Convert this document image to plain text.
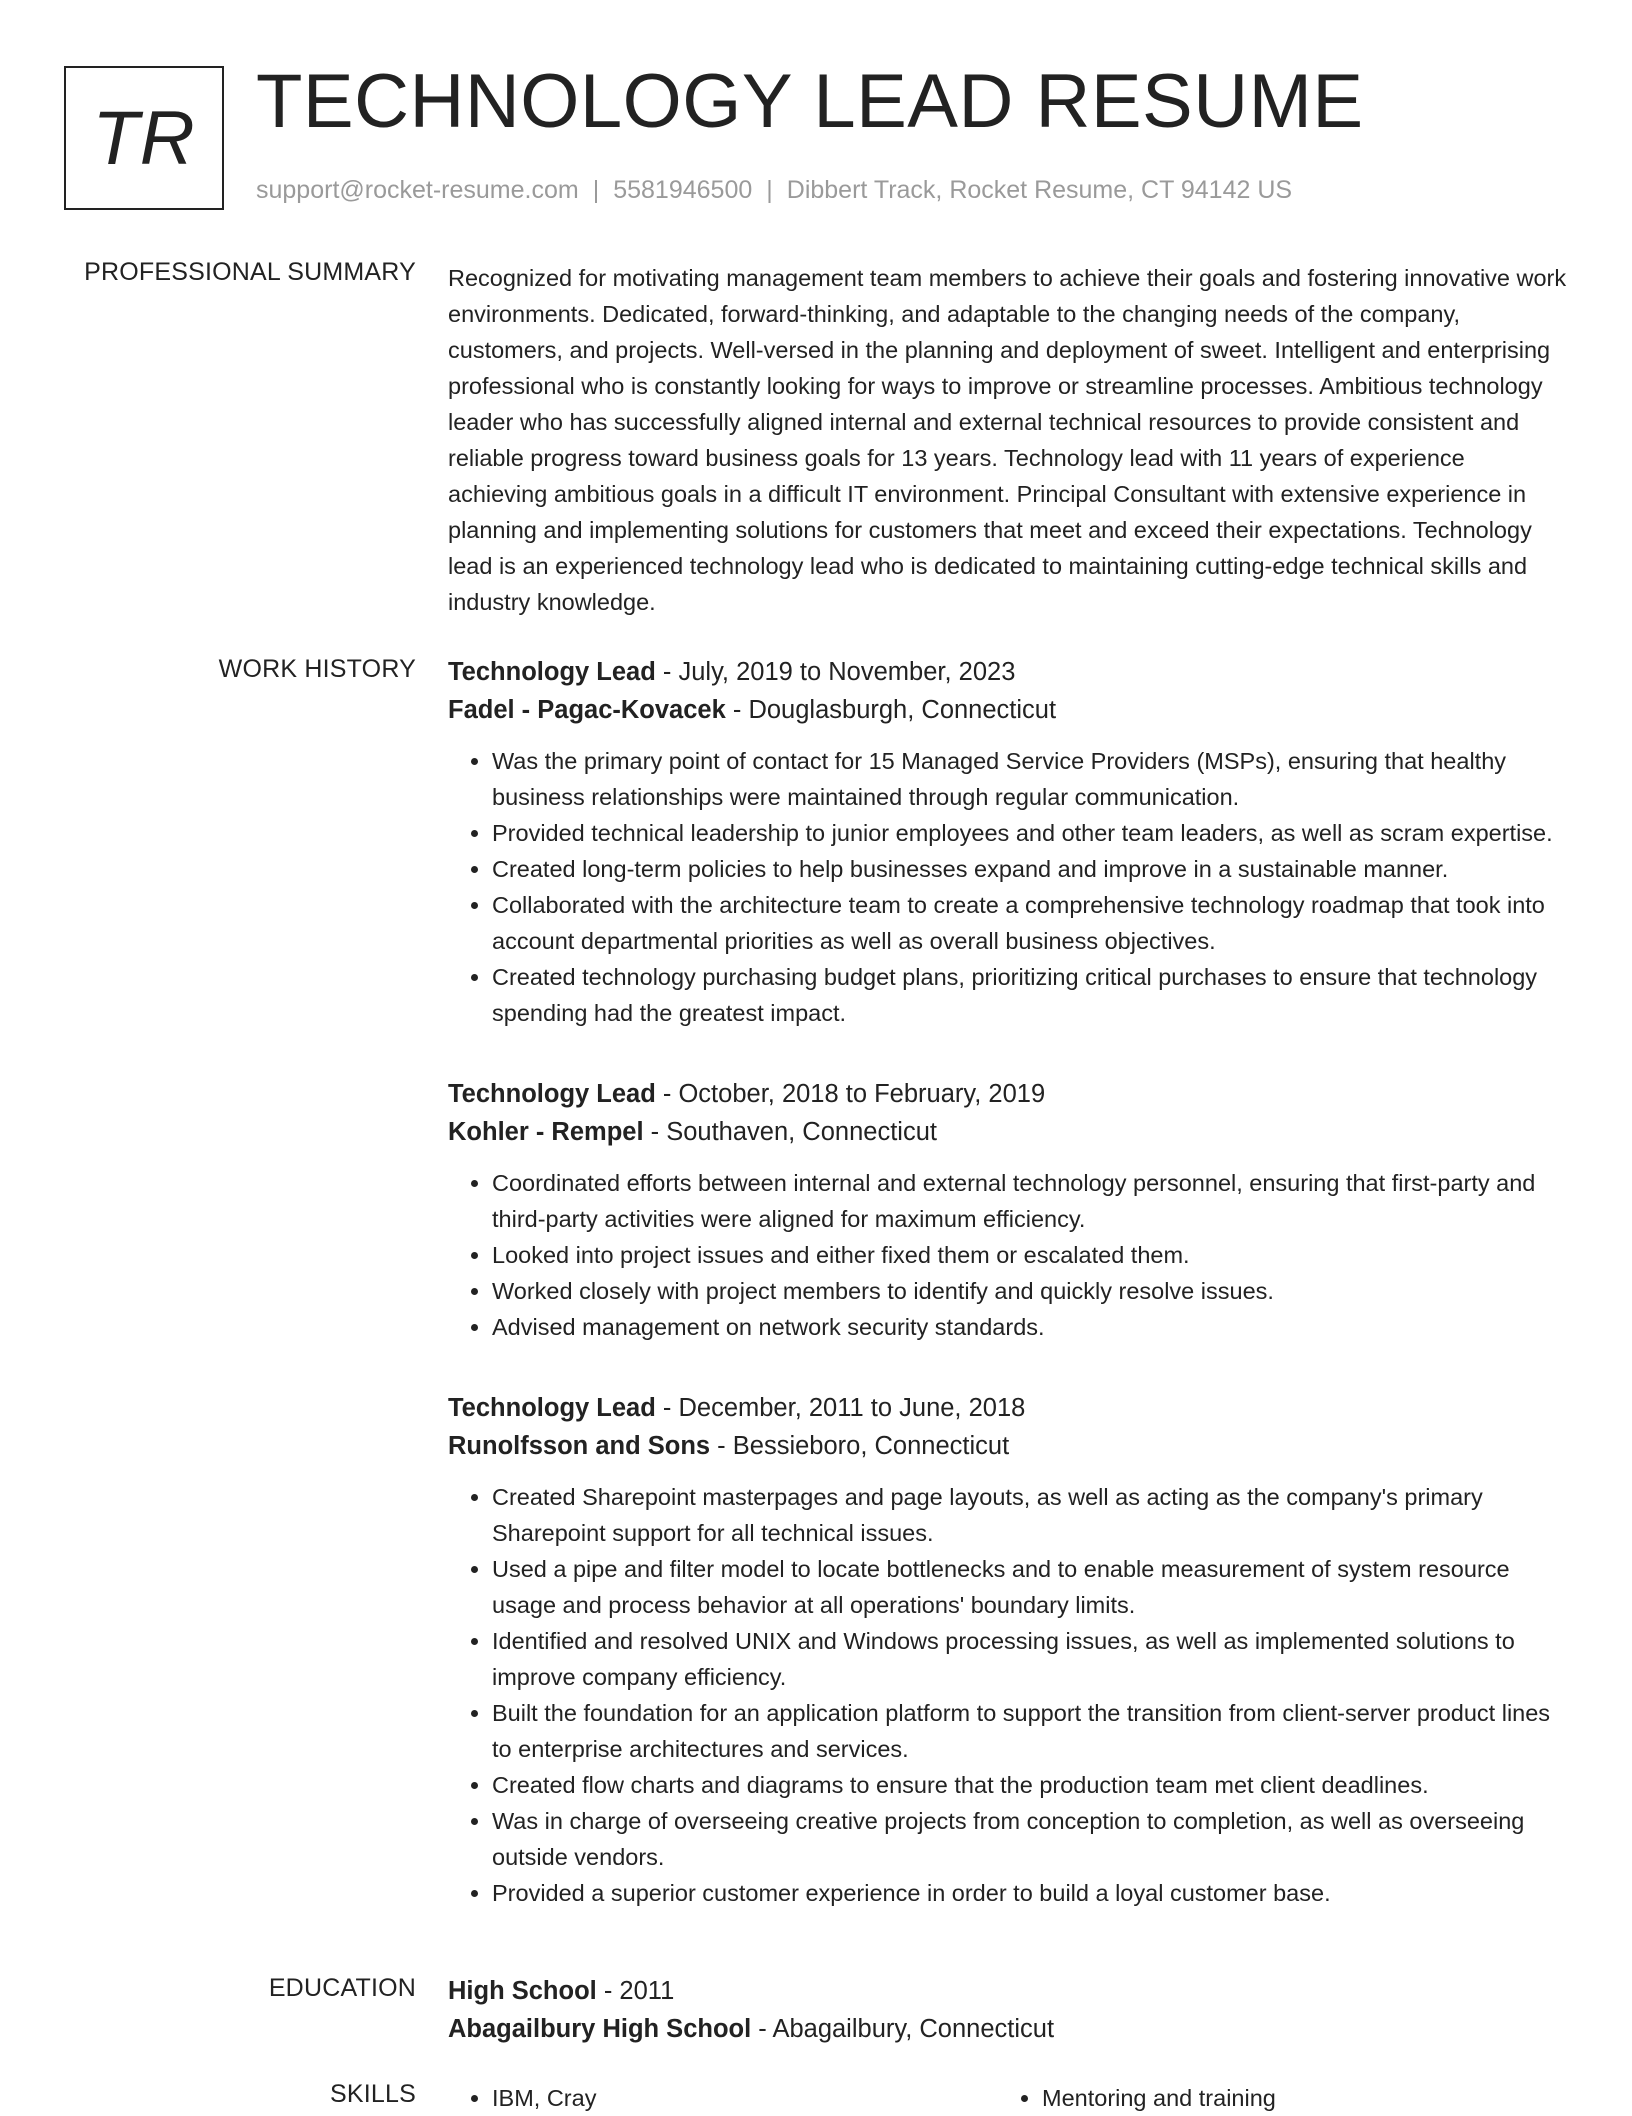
TR TECHNOLOGY LEAD RESUME
support@rocket-resume.com | 5581946500 | Dibbert Track, Rocket Resume, CT 94142 US
PROFESSIONAL SUMMARY Recognized for motivating management team members to achieve their goals and fostering innovative work environments. Dedicated, forward-thinking, and adaptable to the changing needs of the company, customers, and projects. Well-versed in the planning and deployment of sweet. Intelligent and enterprising professional who is constantly looking for ways to improve or streamline processes. Ambitious technology leader who has successfully aligned internal and external technical resources to provide consistent and reliable progress toward business goals for 13 years. Technology lead with 11 years of experience achieving ambitious goals in a difficult IT environment. Principal Consultant with extensive experience in planning and implementing solutions for customers that meet and exceed their expectations. Technology lead is an experienced technology lead who is dedicated to maintaining cutting-edge technical skills and industry knowledge.

WORK HISTORY Technology Lead - July, 2019 to November, 2023
Fadel - Pagac-Kovacek - Douglasburgh, Connecticut
• Was the primary point of contact for 15 Managed Service Providers (MSPs), ensuring that healthy business relationships were maintained through regular communication.
• Provided technical leadership to junior employees and other team leaders, as well as scram expertise.
• Created long-term policies to help businesses expand and improve in a sustainable manner.
• Collaborated with the architecture team to create a comprehensive technology roadmap that took into account departmental priorities as well as overall business objectives.
• Created technology purchasing budget plans, prioritizing critical purchases to ensure that technology spending had the greatest impact.
Technology Lead - October, 2018 to February, 2019
Kohler - Rempel - Southaven, Connecticut
• Coordinated efforts between internal and external technology personnel, ensuring that first-party and third-party activities were aligned for maximum efficiency.
• Looked into project issues and either fixed them or escalated them.
• Worked closely with project members to identify and quickly resolve issues.
• Advised management on network security standards.
Technology Lead - December, 2011 to June, 2018
Runolfsson and Sons - Bessieboro, Connecticut
• Created Sharepoint masterpages and page layouts, as well as acting as the company's primary Sharepoint support for all technical issues.
• Used a pipe and filter model to locate bottlenecks and to enable measurement of system resource usage and process behavior at all operations' boundary limits.
• Identified and resolved UNIX and Windows processing issues, as well as implemented solutions to improve company efficiency.
• Built the foundation for an application platform to support the transition from client-server product lines to enterprise architectures and services.
• Created flow charts and diagrams to ensure that the production team met client deadlines.
• Was in charge of overseeing creative projects from conception to completion, as well as overseeing outside vendors.
• Provided a superior customer experience in order to build a loyal customer base.
EDUCATION High School - 2011
Abagailbury High School - Abagailbury, Connecticut
SKILLS	• IBM, Cray	• Mentoring and training
